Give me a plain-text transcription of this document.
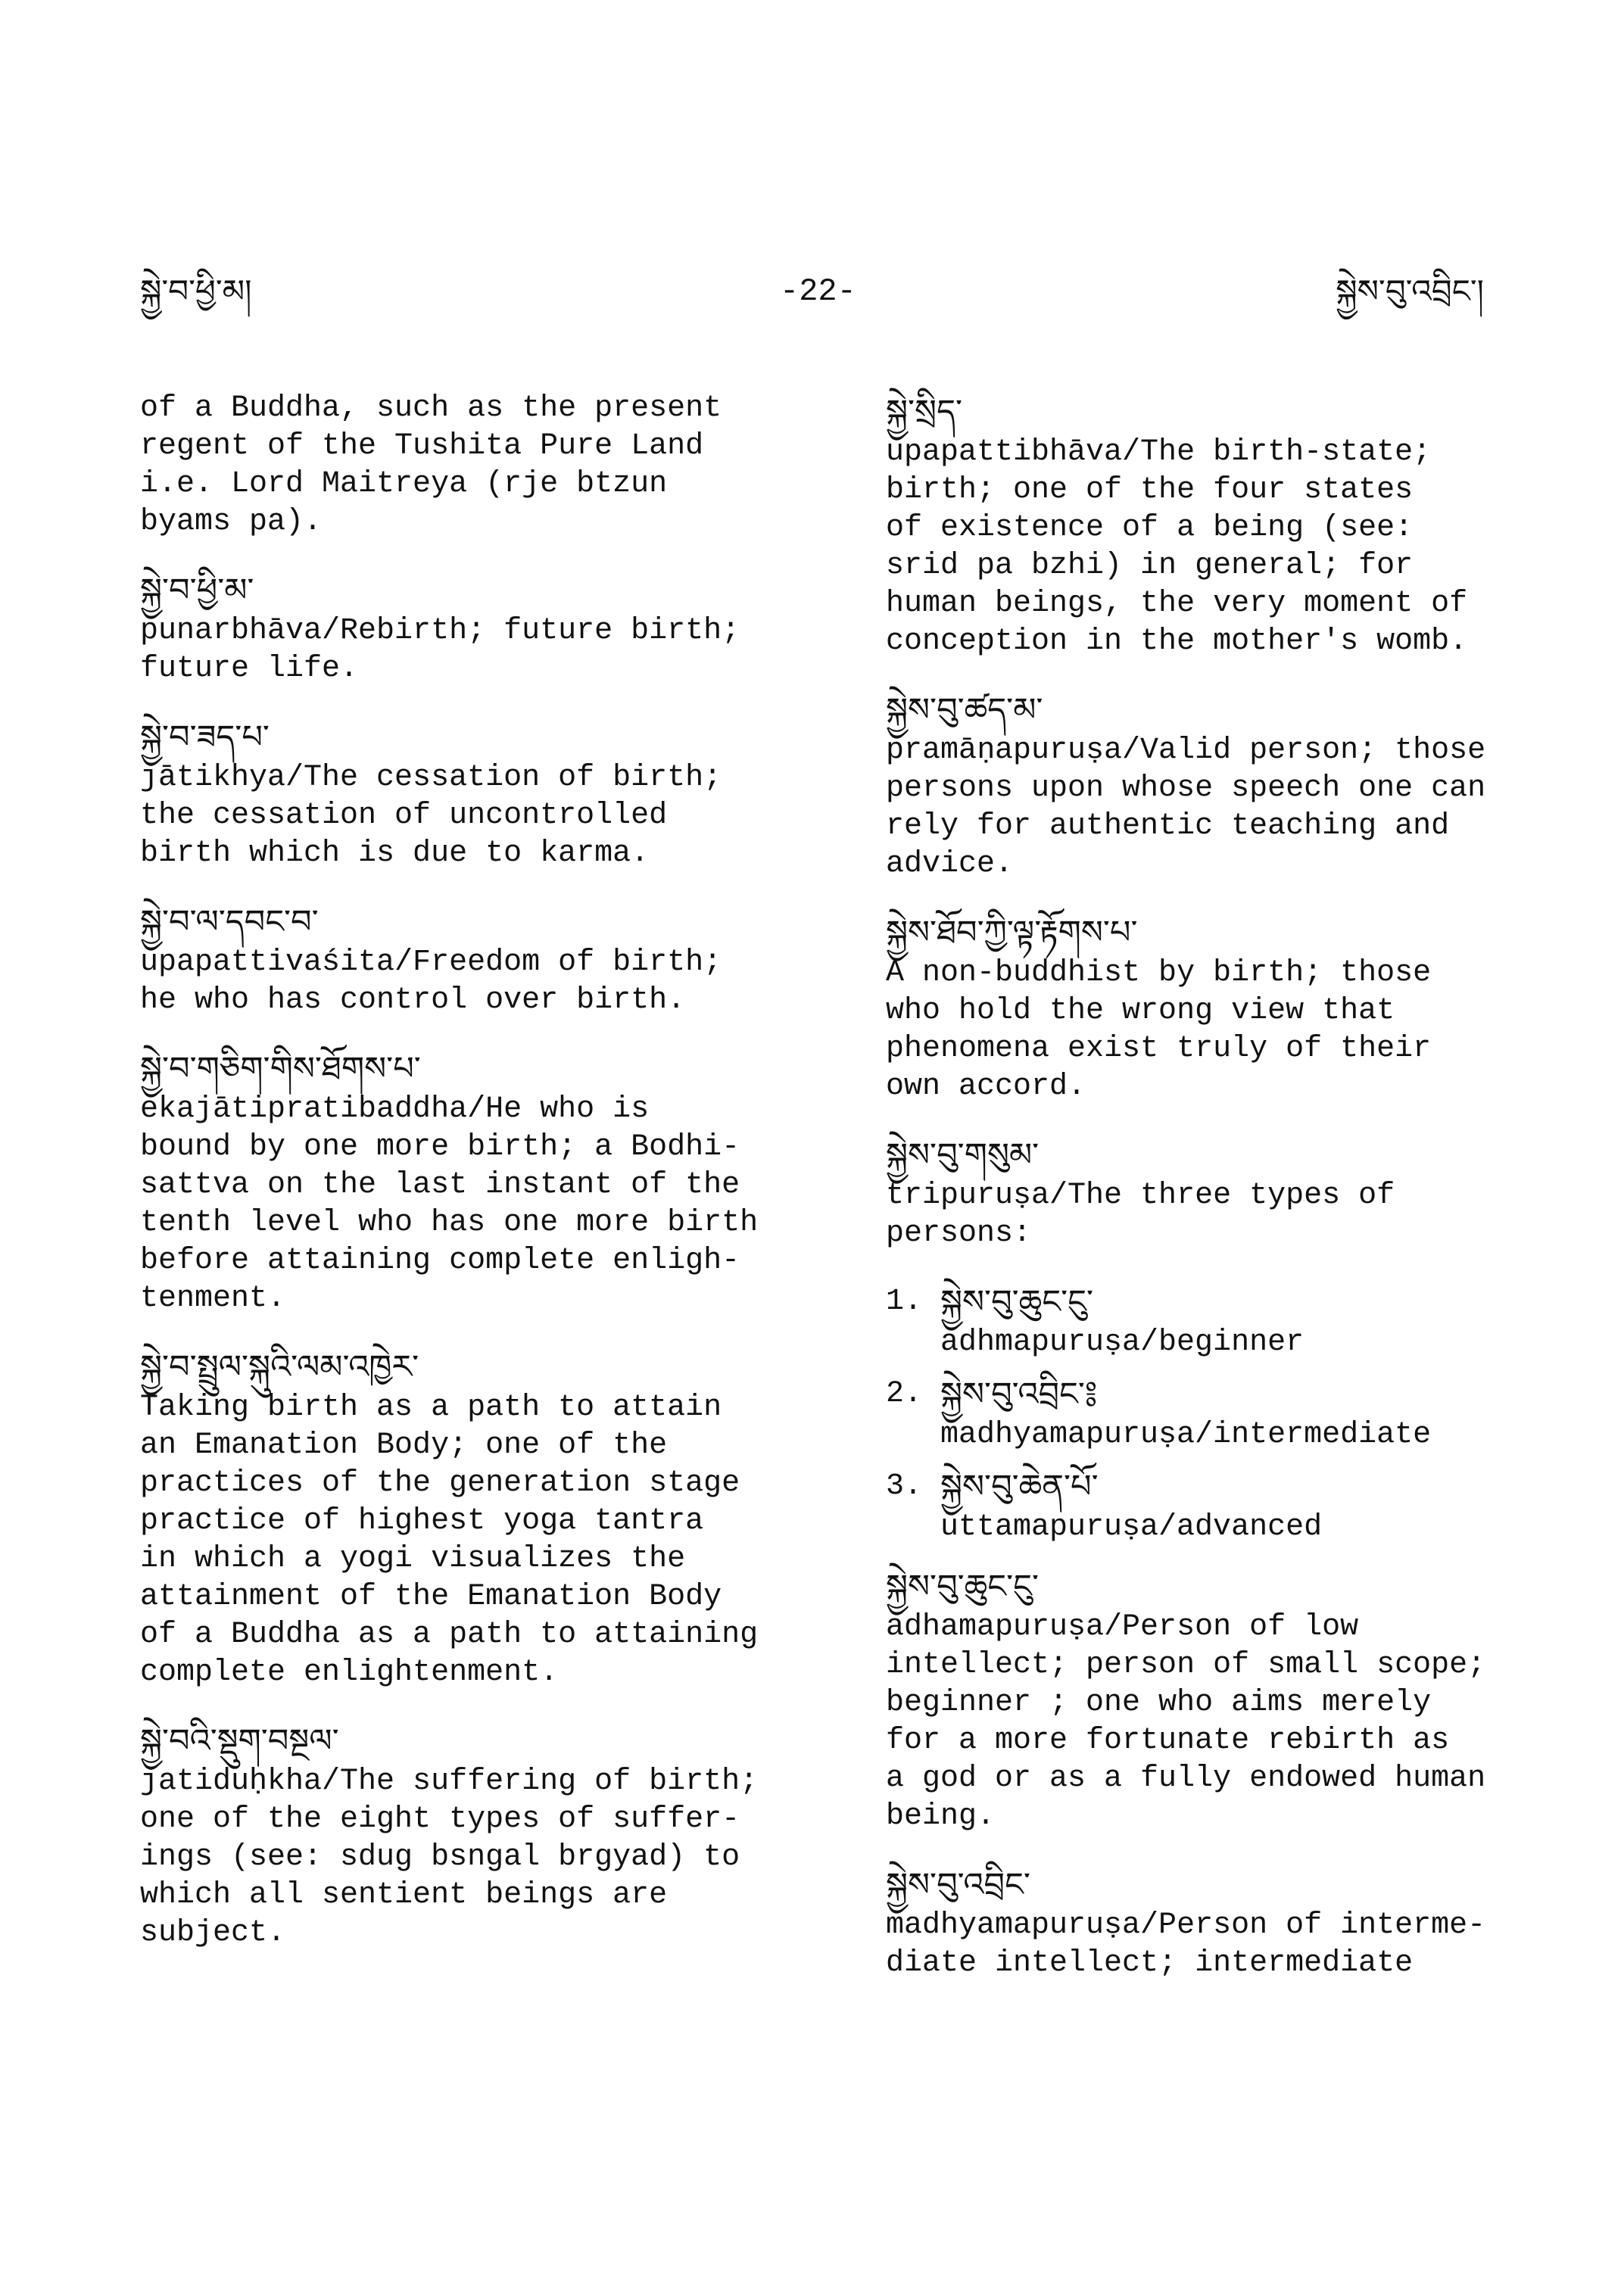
སྐྱེ་བ་ཕྱི་མ།	-22-	སྐྱེས་བུ་འབྲིང་།
of a Buddha, such as the present
regent of the Tushita Pure Land
i.e. Lord Maitreya (rje btzun
byams pa).
སྐྱེ་བ་ཕྱི་མ་
punarbhāva/Rebirth; future birth;
future life.
སྐྱེ་བ་ཟད་པ་
jātikhya/The cessation of birth;
the cessation of uncontrolled
birth which is due to karma.
སྐྱེ་བ་ལ་དབང་བ་
upapattivaśita/Freedom of birth;
he who has control over birth.
སྐྱེ་བ་གཅིག་གིས་ཐོགས་པ་
ekajātipratibaddha/He who is
bound by one more birth; a Bodhi-
sattva on the last instant of the
tenth level who has one more birth
before attaining complete enligh-
tenment.
སྐྱེ་བ་སྤྲུལ་སྐུའི་ལམ་འཁྱེར་
Taking birth as a path to attain
an Emanation Body; one of the
practices of the generation stage
practice of highest yoga tantra
in which a yogi visualizes the
attainment of the Emanation Body
of a Buddha as a path to attaining
complete enlightenment.
སྐྱེ་བའི་སྡུག་བསྔལ་
jatiduḥkha/The suffering of birth;
one of the eight types of suffer-
ings (see: sdug bsngal brgyad) to
which all sentient beings are
subject.
སྐྱེ་སྲིད་
upapattibhāva/The birth-state;
birth; one of the four states
of existence of a being (see:
srid pa bzhi) in general; for
human beings, the very moment of
conception in the mother's womb.
སྐྱེས་བུ་ཚད་མ་
pramāṇapuruṣa/Valid person; those
persons upon whose speech one can
rely for authentic teaching and
advice.
སྐྱེས་ཐོབ་ཀྱི་ལྟ་རྟོགས་པ་
A non-buddhist by birth; those
who hold the wrong view that
phenomena exist truly of their
own accord.
སྐྱེས་བུ་གསུམ་
tripuruṣa/The three types of
persons:
1. སྐྱེས་བུ་ཆུང་ངུ་
adhmapuruṣa/beginner
2. སྐྱེས་བུ་འབྲིང་༔
madhyamapuruṣa/intermediate
3. སྐྱེས་བུ་ཆེན་པོ་
uttamapuruṣa/advanced
སྐྱེས་བུ་ཆུང་ངུ་
adhamapuruṣa/Person of low
intellect; person of small scope;
beginner ; one who aims merely
for a more fortunate rebirth as
a god or as a fully endowed human
being.
སྐྱེས་བུ་འབྲིང་
madhyamapuruṣa/Person of interme-
diate intellect; intermediate
